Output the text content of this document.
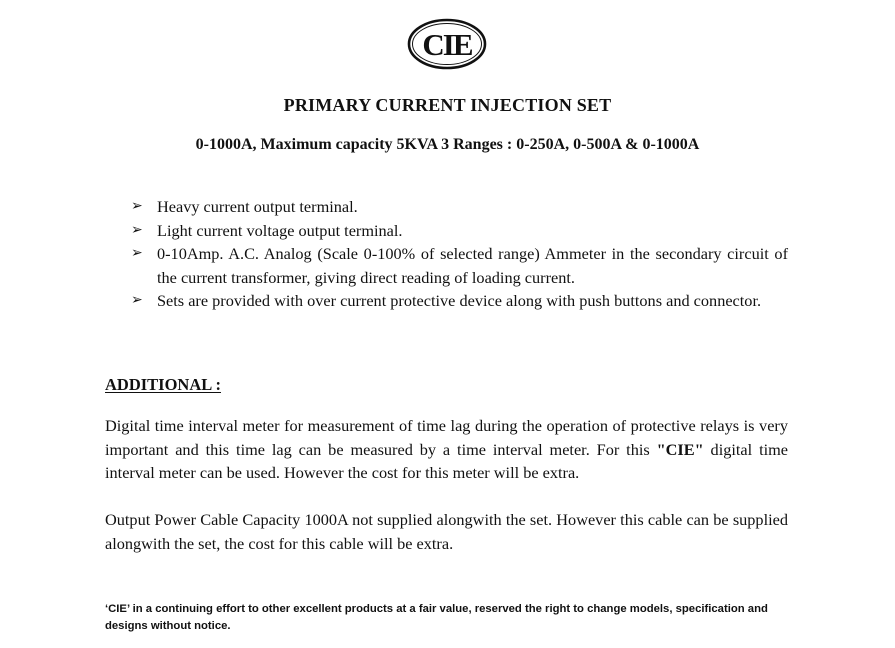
CIE
PRIMARY CURRENT INJECTION SET
0-1000A, Maximum capacity 5KVA 3 Ranges : 0-250A, 0-500A & 0-1000A
➢ Heavy current output terminal.
➢ Light current voltage output terminal.
➢ 0-10Amp. A.C. Analog (Scale 0-100% of selected range) Ammeter in the secondary circuit of the current transformer, giving direct reading of loading current.
➢ Sets are provided with over current protective device along with push buttons and connector.
ADDITIONAL :

Digital time interval meter for measurement of time lag during the operation of protective relays is very important and this time lag can be measured by a time interval meter. For this "CIE" digital time interval meter can be used. However the cost for this meter will be extra.

Output Power Cable Capacity 1000A not supplied alongwith the set. However this cable can be supplied alongwith the set, the cost for this cable will be extra.

‘CIE’ in a continuing effort to other excellent products at a fair value, reserved the right to change models, specification and designs without notice.
